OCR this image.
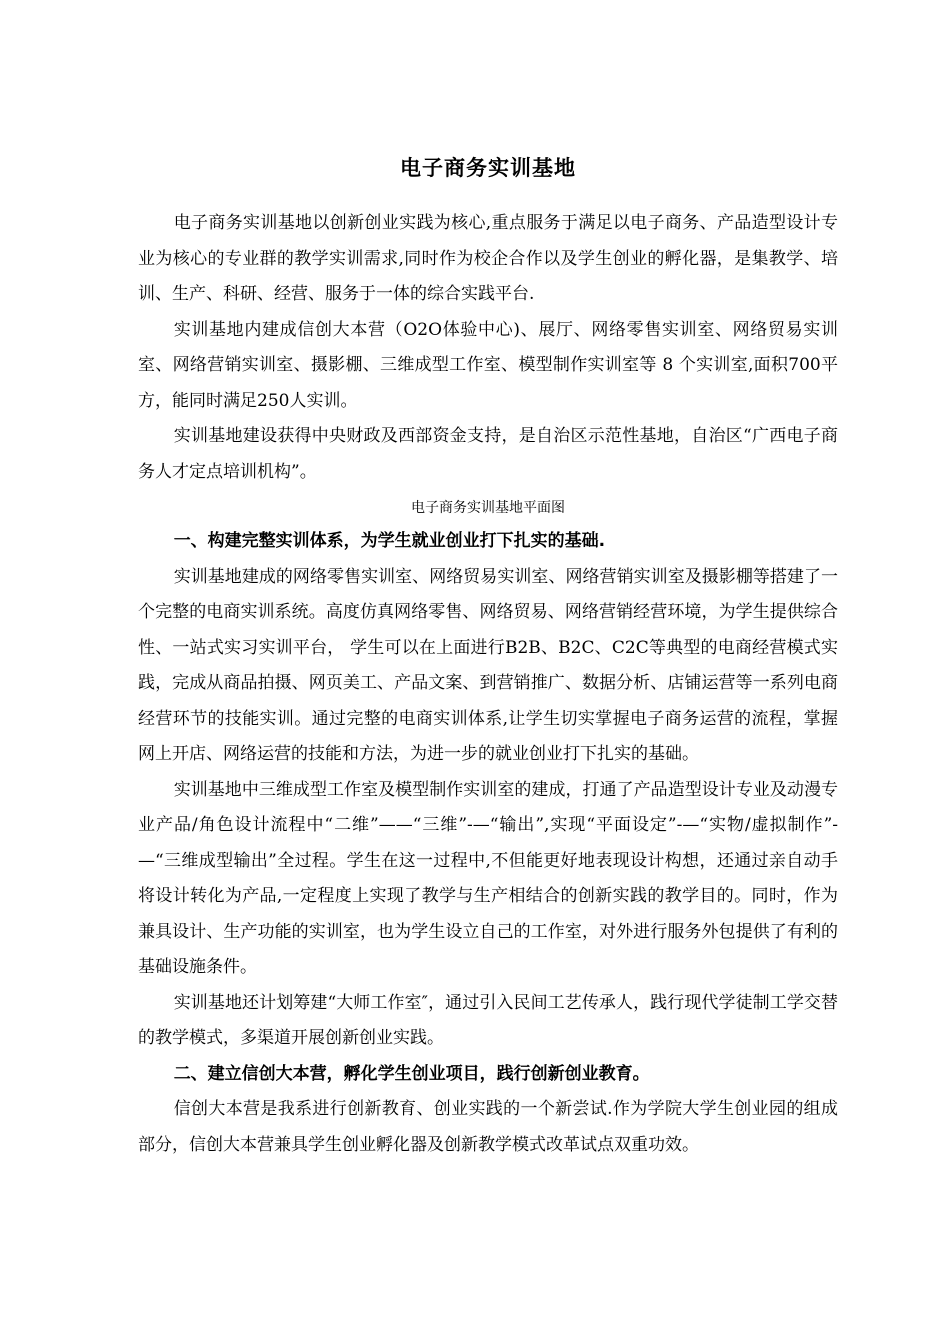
电子商务实训基地

电子商务实训基地以创新创业实践为核心,重点服务于满足以电子商务、产品造型设计专业为核心的专业群的教学实训需求,同时作为校企合作以及学生创业的孵化器，是集教学、培训、生产、科研、经营、服务于一体的综合实践平台.

实训基地内建成信创大本营（O2O体验中心)、展厅、网络零售实训室、网络贸易实训室、网络营销实训室、摄影棚、三维成型工作室、模型制作实训室等 8 个实训室,面积700平方，能同时满足250人实训。

实训基地建设获得中央财政及西部资金支持，是自治区示范性基地，自治区“广西电子商务人才定点培训机构”。

电子商务实训基地平面图

一、构建完整实训体系，为学生就业创业打下扎实的基础.

实训基地建成的网络零售实训室、网络贸易实训室、网络营销实训室及摄影棚等搭建了一个完整的电商实训系统。高度仿真网络零售、网络贸易、网络营销经营环境，为学生提供综合性、一站式实习实训平台， 学生可以在上面进行B2B、B2C、C2C等典型的电商经营模式实践，完成从商品拍摄、网页美工、产品文案、到营销推广、数据分析、店铺运营等一系列电商经营环节的技能实训。通过完整的电商实训体系,让学生切实掌握电子商务运营的流程，掌握网上开店、网络运营的技能和方法，为进一步的就业创业打下扎实的基础。

实训基地中三维成型工作室及模型制作实训室的建成，打通了产品造型设计专业及动漫专业产品/角色设计流程中“二维”——“三维”-—“输出”,实现“平面设定”-—“实物/虚拟制作”-—“三维成型输出”全过程。学生在这一过程中,不但能更好地表现设计构想，还通过亲自动手将设计转化为产品,一定程度上实现了教学与生产相结合的创新实践的教学目的。同时，作为兼具设计、生产功能的实训室，也为学生设立自己的工作室，对外进行服务外包提供了有利的基础设施条件。

实训基地还计划筹建“大师工作室″，通过引入民间工艺传承人，践行现代学徒制工学交替的教学模式，多渠道开展创新创业实践。

二、建立信创大本营，孵化学生创业项目，践行创新创业教育。

信创大本营是我系进行创新教育、创业实践的一个新尝试.作为学院大学生创业园的组成部分，信创大本营兼具学生创业孵化器及创新教学模式改革试点双重功效。
